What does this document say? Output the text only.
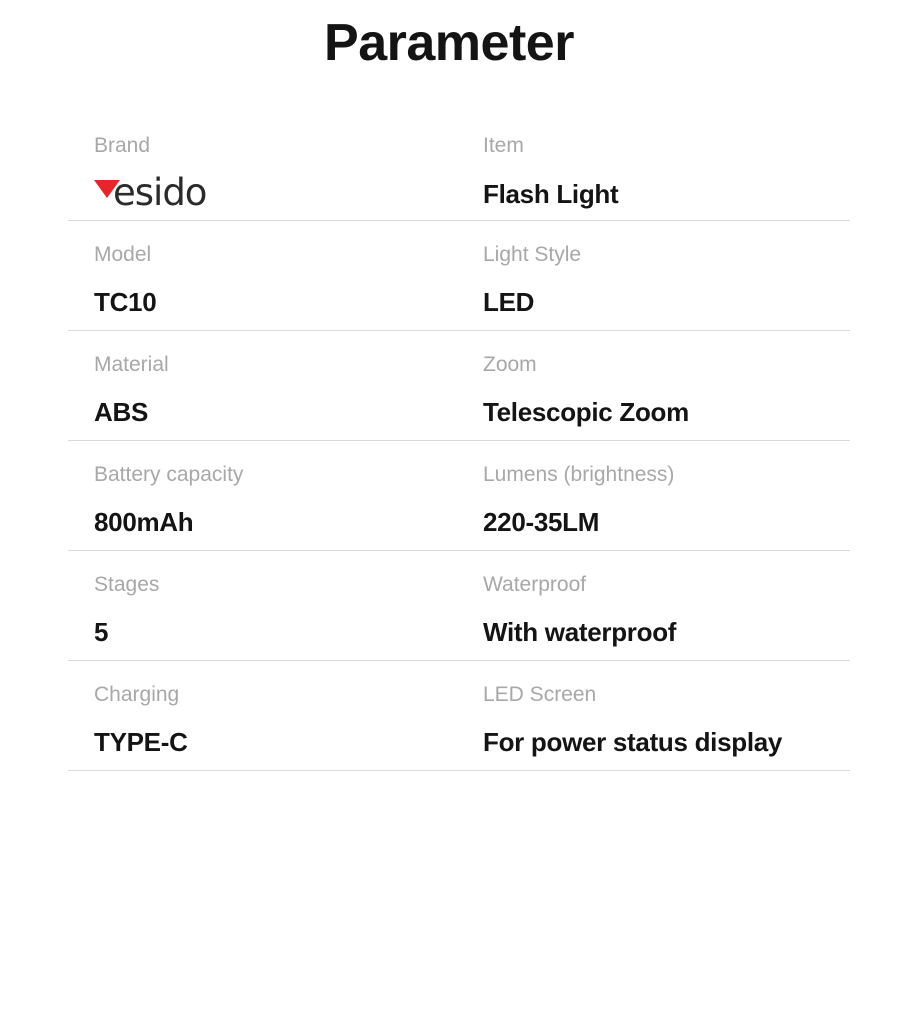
Parameter
Brand
esido
Item
Flash Light
Model
TC10
Light Style
LED
Material
ABS
Zoom
Telescopic Zoom
Battery capacity
800mAh
Lumens (brightness)
220-35LM
Stages
5
Waterproof
With waterproof
Charging
TYPE-C
LED Screen
For power status display
